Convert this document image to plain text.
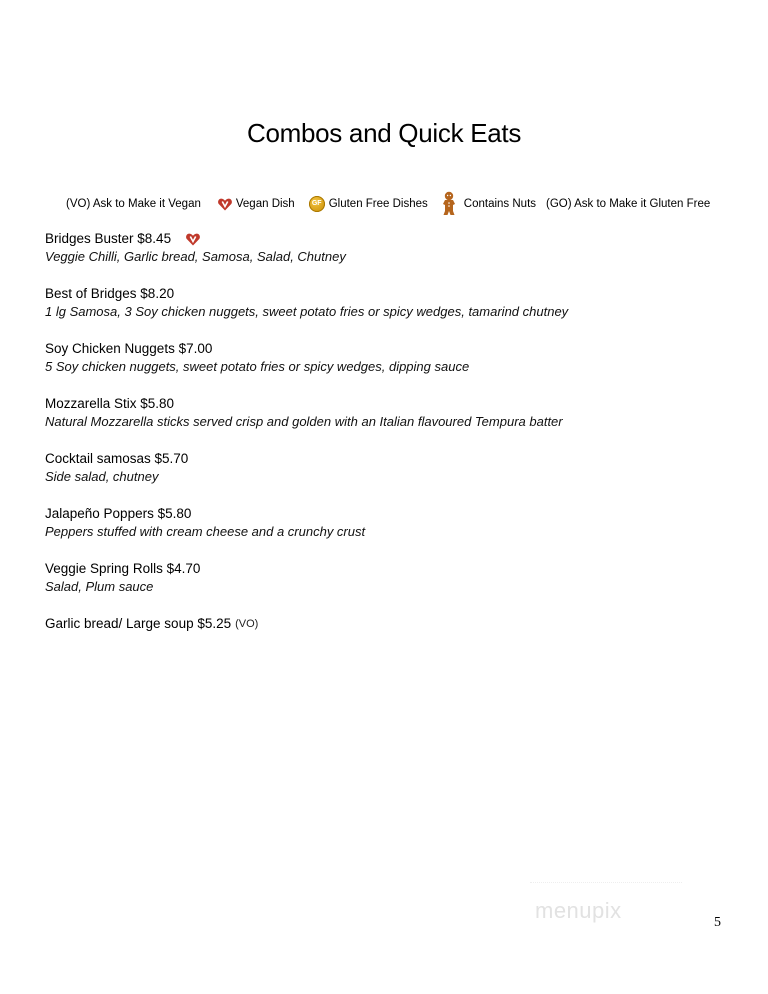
Combos and Quick Eats
(VO) Ask to Make it Vegan	Vegan Dish	GF Gluten Free Dishes	Contains Nuts (GO) Ask to Make it Gluten Free
Bridges Buster $8.45
Veggie Chilli, Garlic bread, Samosa, Salad, Chutney
Best of Bridges $8.20
1 lg Samosa, 3 Soy chicken nuggets, sweet potato fries or spicy wedges, tamarind chutney
Soy Chicken Nuggets $7.00
5 Soy chicken nuggets, sweet potato fries or spicy wedges, dipping sauce
Mozzarella Stix $5.80
Natural Mozzarella sticks served crisp and golden with an Italian flavoured Tempura batter
Cocktail samosas $5.70
Side salad, chutney
Jalapeño Poppers $5.80
Peppers stuffed with cream cheese and a crunchy crust
Veggie Spring Rolls $4.70
Salad, Plum sauce
Garlic bread/ Large soup $5.25 (VO)
menupix	5
